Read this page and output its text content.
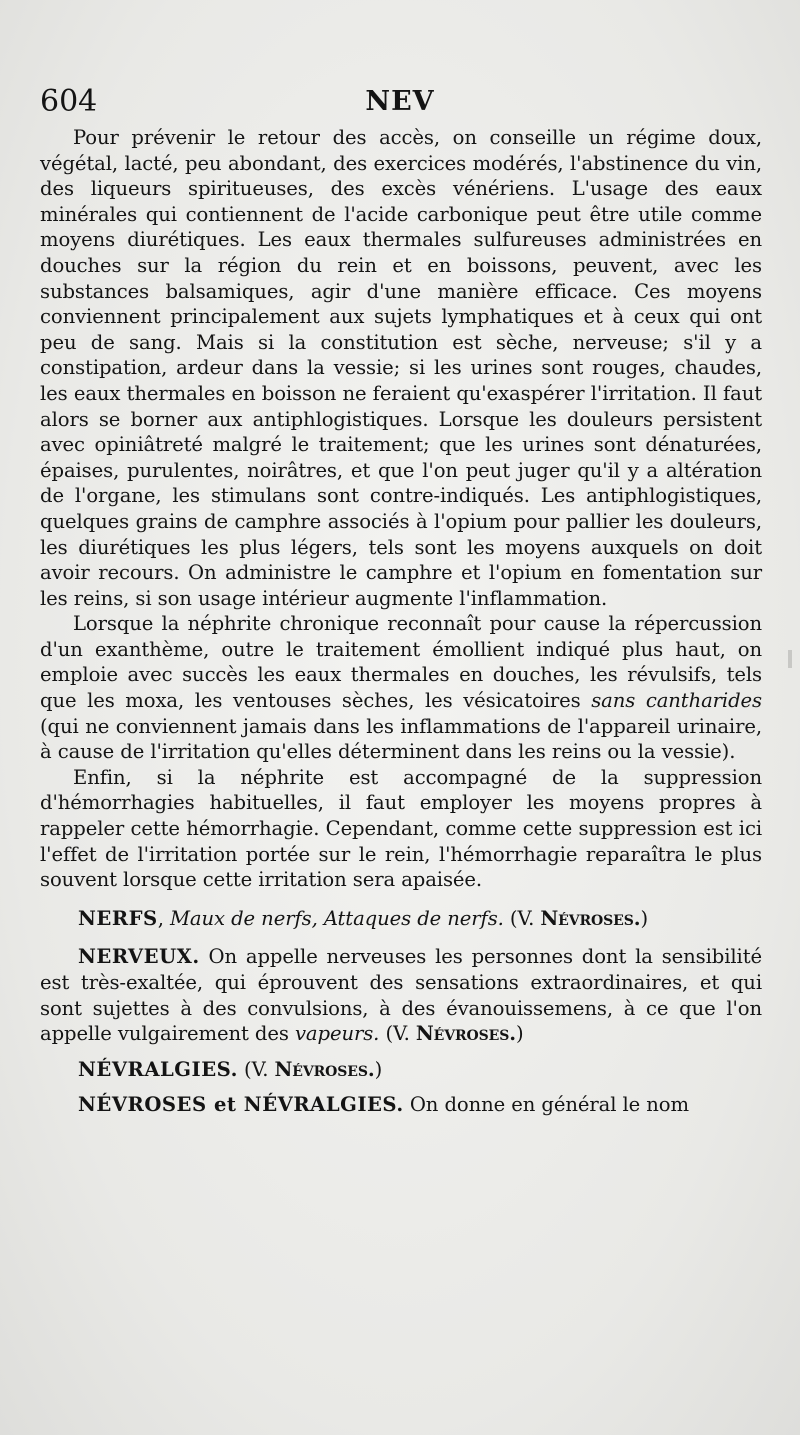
604	NEV

Pour prévenir le retour des accès, on conseille un régime doux, végétal, lacté, peu abondant, des exercices modérés, l'abstinence du vin, des liqueurs spiritueuses, des excès vénériens. L'usage des eaux minérales qui contiennent de l'acide carbonique peut être utile comme moyens diurétiques. Les eaux thermales sulfureuses administrées en douches sur la région du rein et en boissons, peuvent, avec les substances balsamiques, agir d'une manière efficace. Ces moyens conviennent principalement aux sujets lymphatiques et à ceux qui ont peu de sang. Mais si la constitution est sèche, nerveuse; s'il y a constipation, ardeur dans la vessie; si les urines sont rouges, chaudes, les eaux thermales en boisson ne feraient qu'exaspérer l'irritation. Il faut alors se borner aux antiphlogistiques. Lorsque les douleurs persistent avec opiniâtreté malgré le traitement; que les urines sont dénaturées, épaises, purulentes, noirâtres, et que l'on peut juger qu'il y a altération de l'organe, les stimulans sont contre-indiqués. Les antiphlogistiques, quelques grains de camphre associés à l'opium pour pallier les douleurs, les diurétiques les plus légers, tels sont les moyens auxquels on doit avoir recours. On administre le camphre et l'opium en fomentation sur les reins, si son usage intérieur augmente l'inflammation.

Lorsque la néphrite chronique reconnaît pour cause la répercussion d'un exanthème, outre le traitement émollient indiqué plus haut, on emploie avec succès les eaux thermales en douches, les révulsifs, tels que les moxa, les ventouses sèches, les vésicatoires sans cantharides (qui ne conviennent jamais dans les inflammations de l'appareil urinaire, à cause de l'irritation qu'elles déterminent dans les reins ou la vessie).

Enfin, si la néphrite est accompagné de la suppression d'hémorrhagies habituelles, il faut employer les moyens propres à rappeler cette hémorrhagie. Cependant, comme cette suppression est ici l'effet de l'irritation portée sur le rein, l'hémorrhagie reparaîtra le plus souvent lorsque cette irritation sera apaisée.

NERFS, Maux de nerfs, Attaques de nerfs. (V. Névroses.)

NERVEUX. On appelle nerveuses les personnes dont la sensibilité est très-exaltée, qui éprouvent des sensations extraordinaires, et qui sont sujettes à des convulsions, à des évanouissemens, à ce que l'on appelle vulgairement des vapeurs. (V. Névroses.)

NÉVRALGIES. (V. Névroses.)

NÉVROSES et NÉVRALGIES. On donne en général le nom
